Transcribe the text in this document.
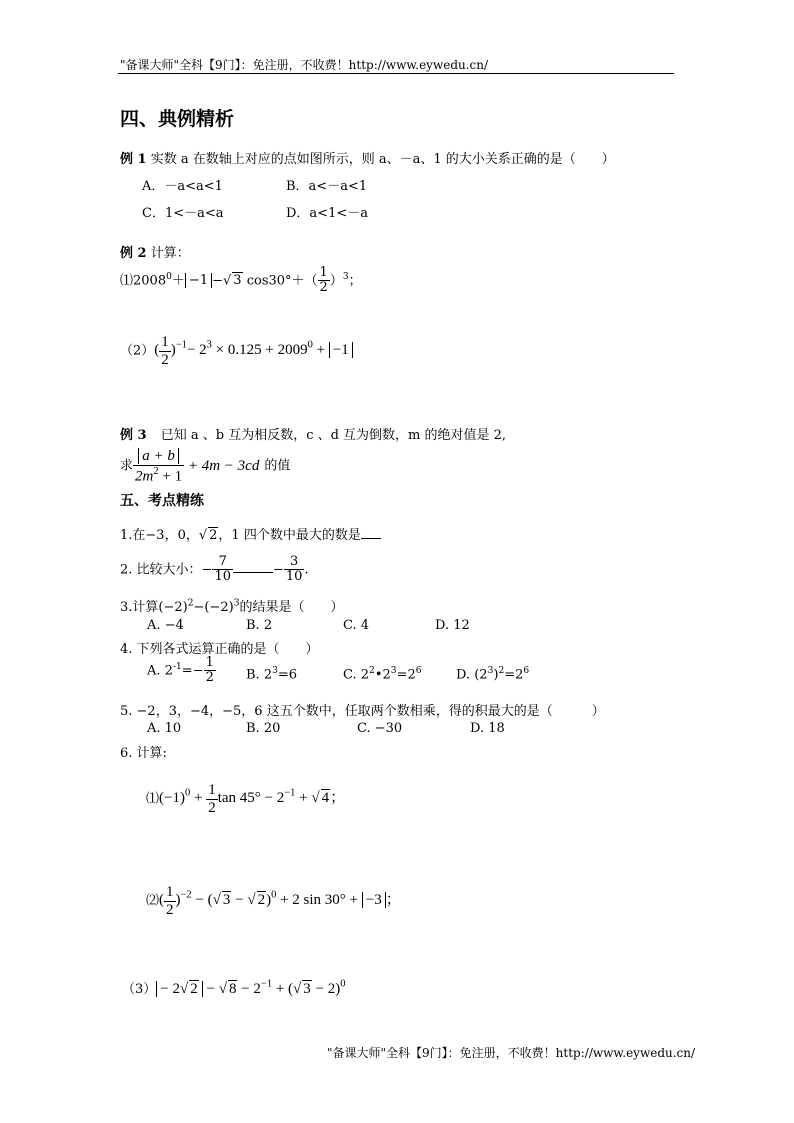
"备课大师"全科【9门】：免注册，不收费！http://www.eywedu.cn/
四、典例精析
例 1 实数 a 在数轴上对应的点如图所示，则 a、－a、1 的大小关系正确的是（　　）
A．－a<a<1	B．a<－a<1
C．1<－a<a	D．a<1<－a
例 2 计算：
$⑴2008^0+ -1$ −√ 3 $\cos 30^\circ+( \frac{1}{2} )^3$；
$(2)( \frac{1}{2} )^{-1}- 2^3 \times 0.125 + 2009^0 + -1$
例 3 已知 a 、b 互为相反数，c 、d 互为倒数，m 的绝对值是 2,
求 $\frac{a + b}{2m^2 + 1} + 4m - 3cd$ 的值
五、考点精练
1.在−3，0，√ 2，1 四个数中最大的数是
2. 比较大小：− $\frac{7}{10}$	− $\frac{3}{10}$ .
3.计算$(-2)^2-(-2)^3$的结果是（　　）
A. −4	B. 2	C. 4	D. 12
4. 下列各式运算正确的是（　　）
A. $2^{-1}=- \frac{1}{2} B$. $2^3=6$	C. $2^2•2^3=2^6$	D. $(2^3)^2=2^6$
5. −2，3，−4，−5，6 这五个数中，任取两个数相乘，得的积最大的是（　　　）
A. 10	B. 20	C. −30	D. 18
6. 计算:
$⑴(-1)^0 + \frac{1}{2}$ $\tan 45^\circ - 2^{-1}$ + √ 4；
⑵( $\frac{1}{2} )^{-2}$ − (√ 3 − √ 2)$^0$ + 2 sin 30° + −3 ；
（3） − 2√ 2 − √ $8 - 2^{-1}$ + (√ 3 − 2)$^0$
"备课大师"全科【9门】：免注册，不收费！http://www.eywedu.cn/
